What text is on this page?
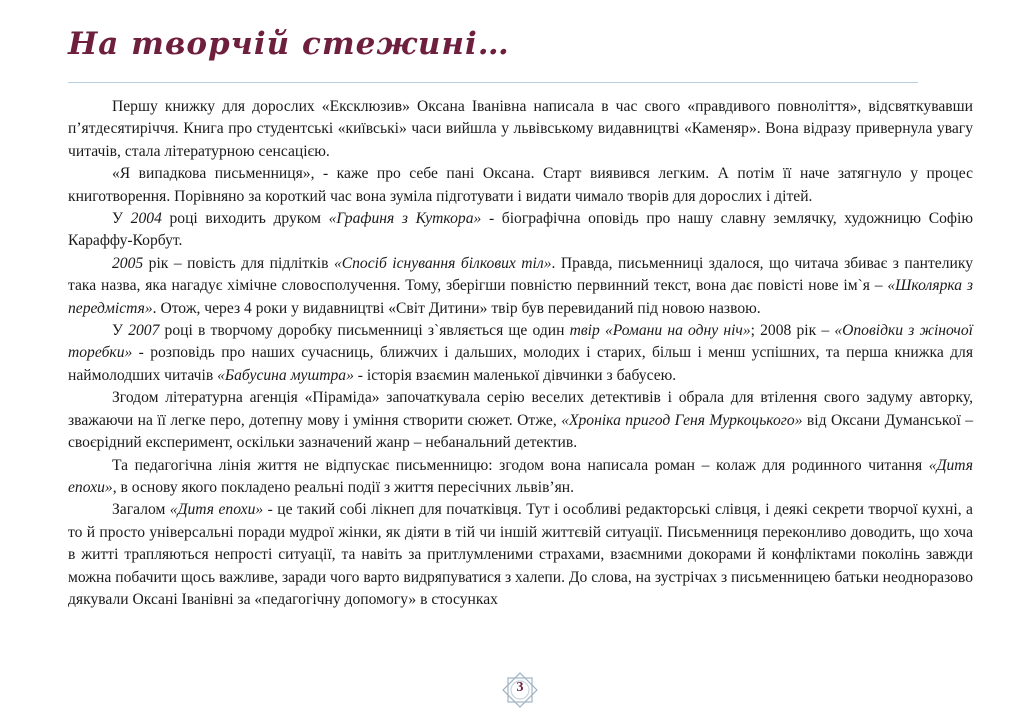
На творчій стежині…

Першу книжку для дорослих «Ексклюзив» Оксана Іванівна написала в час свого «правдивого повноліття», відсвяткувавши п’ятдесятиріччя. Книга про студентські «київські» часи вийшла у львівському видавництві «Каменяр». Вона відразу привернула увагу читачів, стала літературною сенсацією.

«Я випадкова письменниця», - каже про себе пані Оксана. Старт виявився легким. А потім її наче затягнуло у процес книготворення. Порівняно за короткий час вона зуміла підготувати і видати чимало творів для дорослих і дітей.

У 2004 році виходить друком «Графиня з Куткора» - біографічна оповідь про нашу славну землячку, художницю Софію Караффу-Корбут.

2005 рік – повість для підлітків «Спосіб існування білкових тіл». Правда, письменниці здалося, що читача збиває з пантелику така назва, яка нагадує хімічне словосполучення. Тому, зберігши повністю первинний текст, вона дає повісті нове ім`я – «Школярка з передмістя». Отож, через 4 роки у видавництві «Світ Дитини» твір був перевиданий під новою назвою.

У 2007 році в творчому доробку письменниці з`являється ще один твір «Романи на одну ніч»; 2008 рік – «Оповідки з жіночої торебки» - розповідь про наших сучасниць, ближчих і дальших, молодих і старих, більш і менш успішних, та перша книжка для наймолодших читачів «Бабусина муштра» - історія взаємин маленької дівчинки з бабусею.

Згодом літературна агенція «Піраміда» започаткувала серію веселих детективів і обрала для втілення свого задуму авторку, зважаючи на її легке перо, дотепну мову і уміння створити сюжет. Отже, «Хроніка пригод Геня Муркоцького» від Оксани Думанської – своєрідний експеримент, оскільки зазначений жанр – небанальний детектив.

Та педагогічна лінія життя не відпускає письменницю: згодом вона написала роман – колаж для родинного читання «Дитя епохи», в основу якого покладено реальні події з життя пересічних львів’ян.

Загалом «Дитя епохи» - це такий собі лікнеп для початківця. Тут і особливі редакторські слівця, і деякі секрети творчої кухні, а то й просто універсальні поради мудрої жінки, як діяти в тій чи іншій життєвій ситуації. Письменниця переконливо доводить, що хоча в житті трапляються непрості ситуації, та навіть за притлумленими страхами, взаємними докорами й конфліктами поколінь завжди можна побачити щось важливе, заради чого варто видряпуватися з халепи. До слова, на зустрічах з письменницею батьки неодноразово дякували Оксані Іванівні за «педагогічну допомогу» в стосунках

3
